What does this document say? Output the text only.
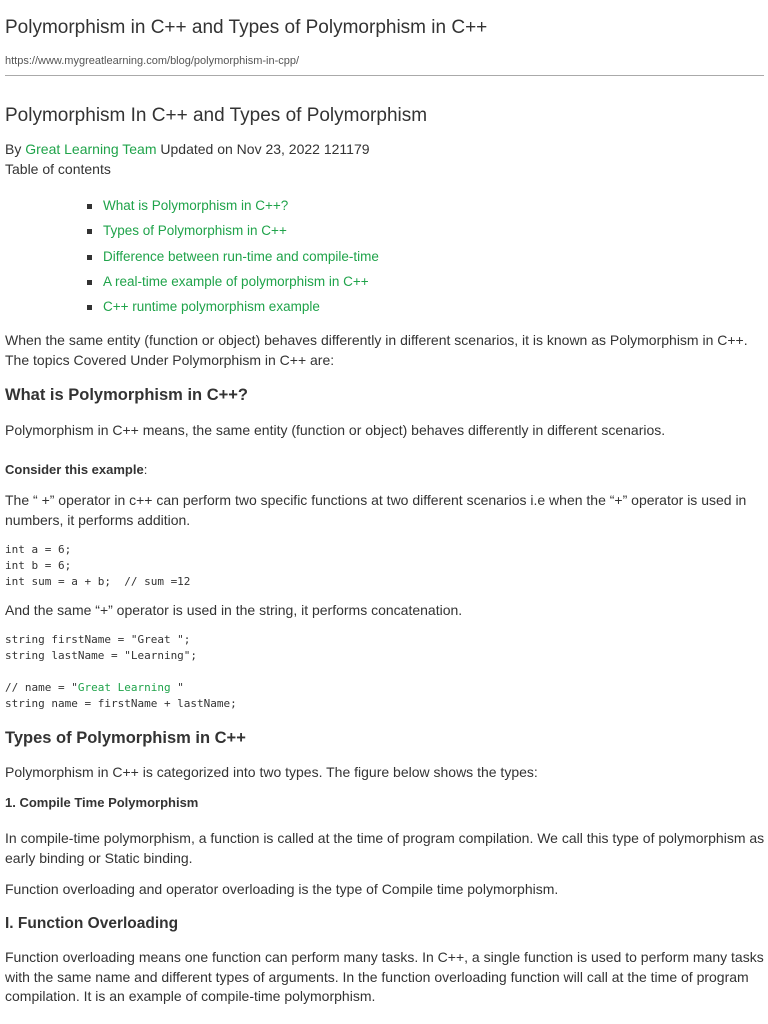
Polymorphism in C++ and Types of Polymorphism in C++
https://www.mygreatlearning.com/blog/polymorphism-in-cpp/
Polymorphism In C++ and Types of Polymorphism
By Great Learning Team Updated on Nov 23, 2022 121179
Table of contents
What is Polymorphism in C++?
Types of Polymorphism in C++
Difference between run-time and compile-time
A real-time example of polymorphism in C++
C++ runtime polymorphism example
When the same entity (function or object) behaves differently in different scenarios, it is known as Polymorphism in C++. The topics Covered Under Polymorphism in C++ are:
What is Polymorphism in C++?
Polymorphism in C++ means, the same entity (function or object) behaves differently in different scenarios.
Consider this example:
The “ +” operator in c++ can perform two specific functions at two different scenarios i.e when the “+” operator is used in numbers, it performs addition.
int a = 6;
int b = 6;
int sum = a + b;  // sum =12
And the same “+” operator is used in the string, it performs concatenation.
string firstName = "Great ";
string lastName = "Learning";
// name = "Great Learning "
string name = firstName + lastName;
Types of Polymorphism in C++
Polymorphism in C++ is categorized into two types. The figure below shows the types:
1. Compile Time Polymorphism
In compile-time polymorphism, a function is called at the time of program compilation. We call this type of polymorphism as early binding or Static binding.
Function overloading and operator overloading is the type of Compile time polymorphism.
I. Function Overloading
Function overloading means one function can perform many tasks. In C++, a single function is used to perform many tasks with the same name and different types of arguments. In the function overloading function will call at the time of program compilation. It is an example of compile-time polymorphism.
